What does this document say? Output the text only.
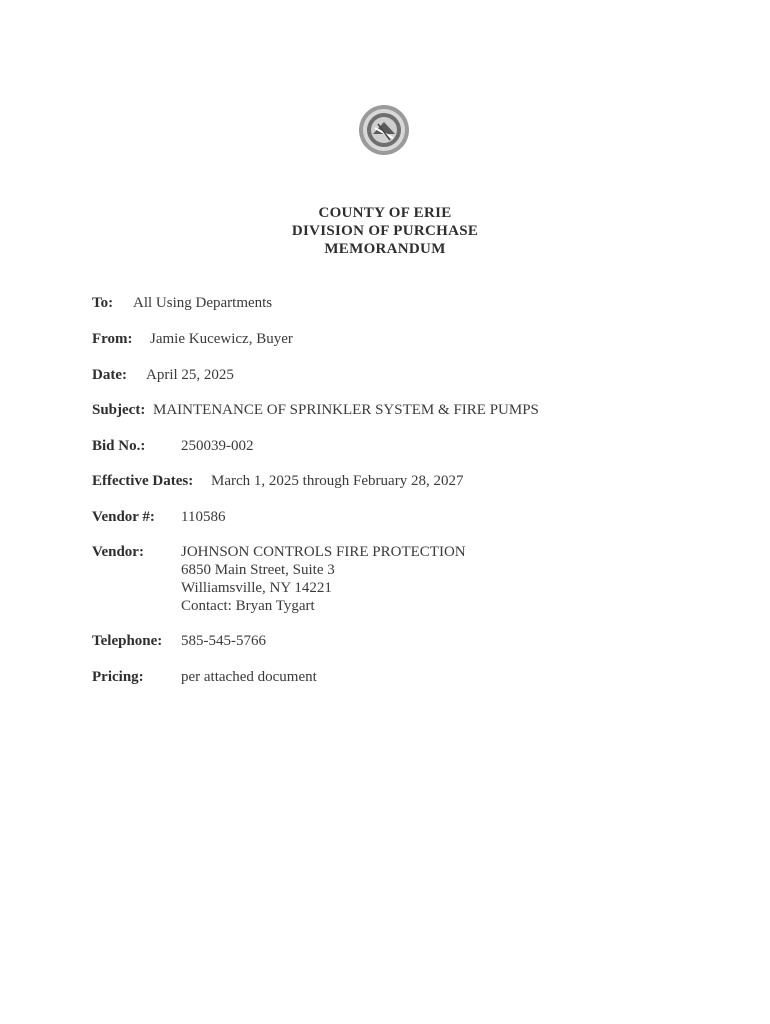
COUNTY OF ERIE
DIVISION OF PURCHASE
MEMORANDUM
To: All Using Departments
From: Jamie Kucewicz, Buyer
Date: April 25, 2025
Subject: MAINTENANCE OF SPRINKLER SYSTEM & FIRE PUMPS
Bid No.: 250039-002
Effective Dates: March 1, 2025 through February 28, 2027
Vendor #: 110586
Vendor: JOHNSON CONTROLS FIRE PROTECTION
6850 Main Street, Suite 3
Williamsville, NY 14221
Contact: Bryan Tygart
Telephone: 585-545-5766
Pricing: per attached document
